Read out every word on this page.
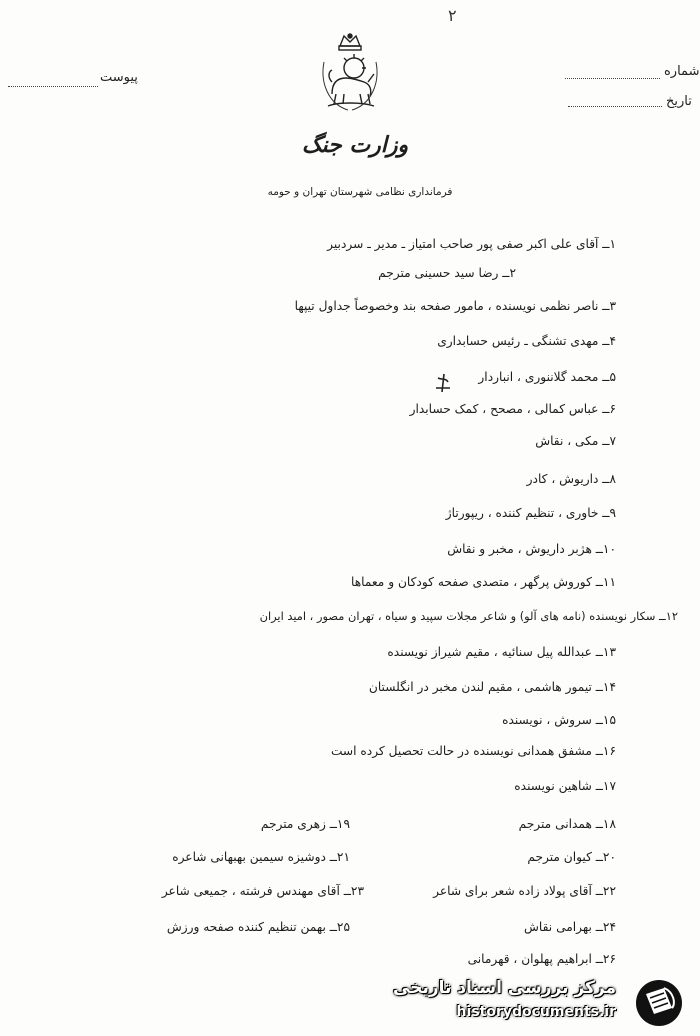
۲
پیوست	شماره
تاریخ
وزارت جنگ
فرمانداری نظامی شهرستان تهران و حومه
۱ــ آقای علی اکبر صفی پور صاحب امتیاز ـ مدیر ـ سردبیر
۲ــ رضا سید حسینی مترجم
۳ــ ناصر نظمی نویسنده ، مامور صفحه بند وخصوصاً جداول تیپها
۴ــ مهدی تشنگی ـ رئیس حسابداری
۵ــ محمد گلاننوری ، انباردار
۶ــ عباس کمالی ، مصحح ، کمک حسابدار
۷ــ مکی ، نقاش
۸ــ داریوش ، کادر
۹ــ خاوری ، تنظیم کننده ، ریپورتاژ
۱۰ــ هژبر داریوش ، مخبر و نقاش
۱۱ــ کوروش پرگهر ، متصدی صفحه کودکان و معماها
۱۲ــ سکار نویسنده (نامه های آلو) و شاعر مجلات سپید و سیاه ، تهران مصور ، امید ایران
۱۳ــ عبدالله پیل سنائیه ، مقیم شیراز نویسنده
۱۴ــ تیمور هاشمی ، مقیم لندن مخبر در انگلستان
۱۵ــ سروش ، نویسنده
۱۶ــ مشفق همدانی نویسنده در حالت تحصیل کرده است
۱۷ــ شاهین نویسنده
۱۸ــ همدانی مترجم
۱۹ــ زهری مترجم
۲۰ــ کیوان مترجم
۲۱ــ دوشیزه سیمین بهبهانی شاعره
۲۲ــ آقای پولاد زاده شعر برای شاعر
۲۳ــ آقای مهندس فرشته ، جمیعی شاعر
۲۴ــ بهرامی نقاش
۲۵ــ بهمن تنظیم کننده صفحه ورزش
۲۶ــ ابراهیم پهلوان ، قهرمانی
مرکز بررسی اسناد تاریخی
historydocuments.ir
